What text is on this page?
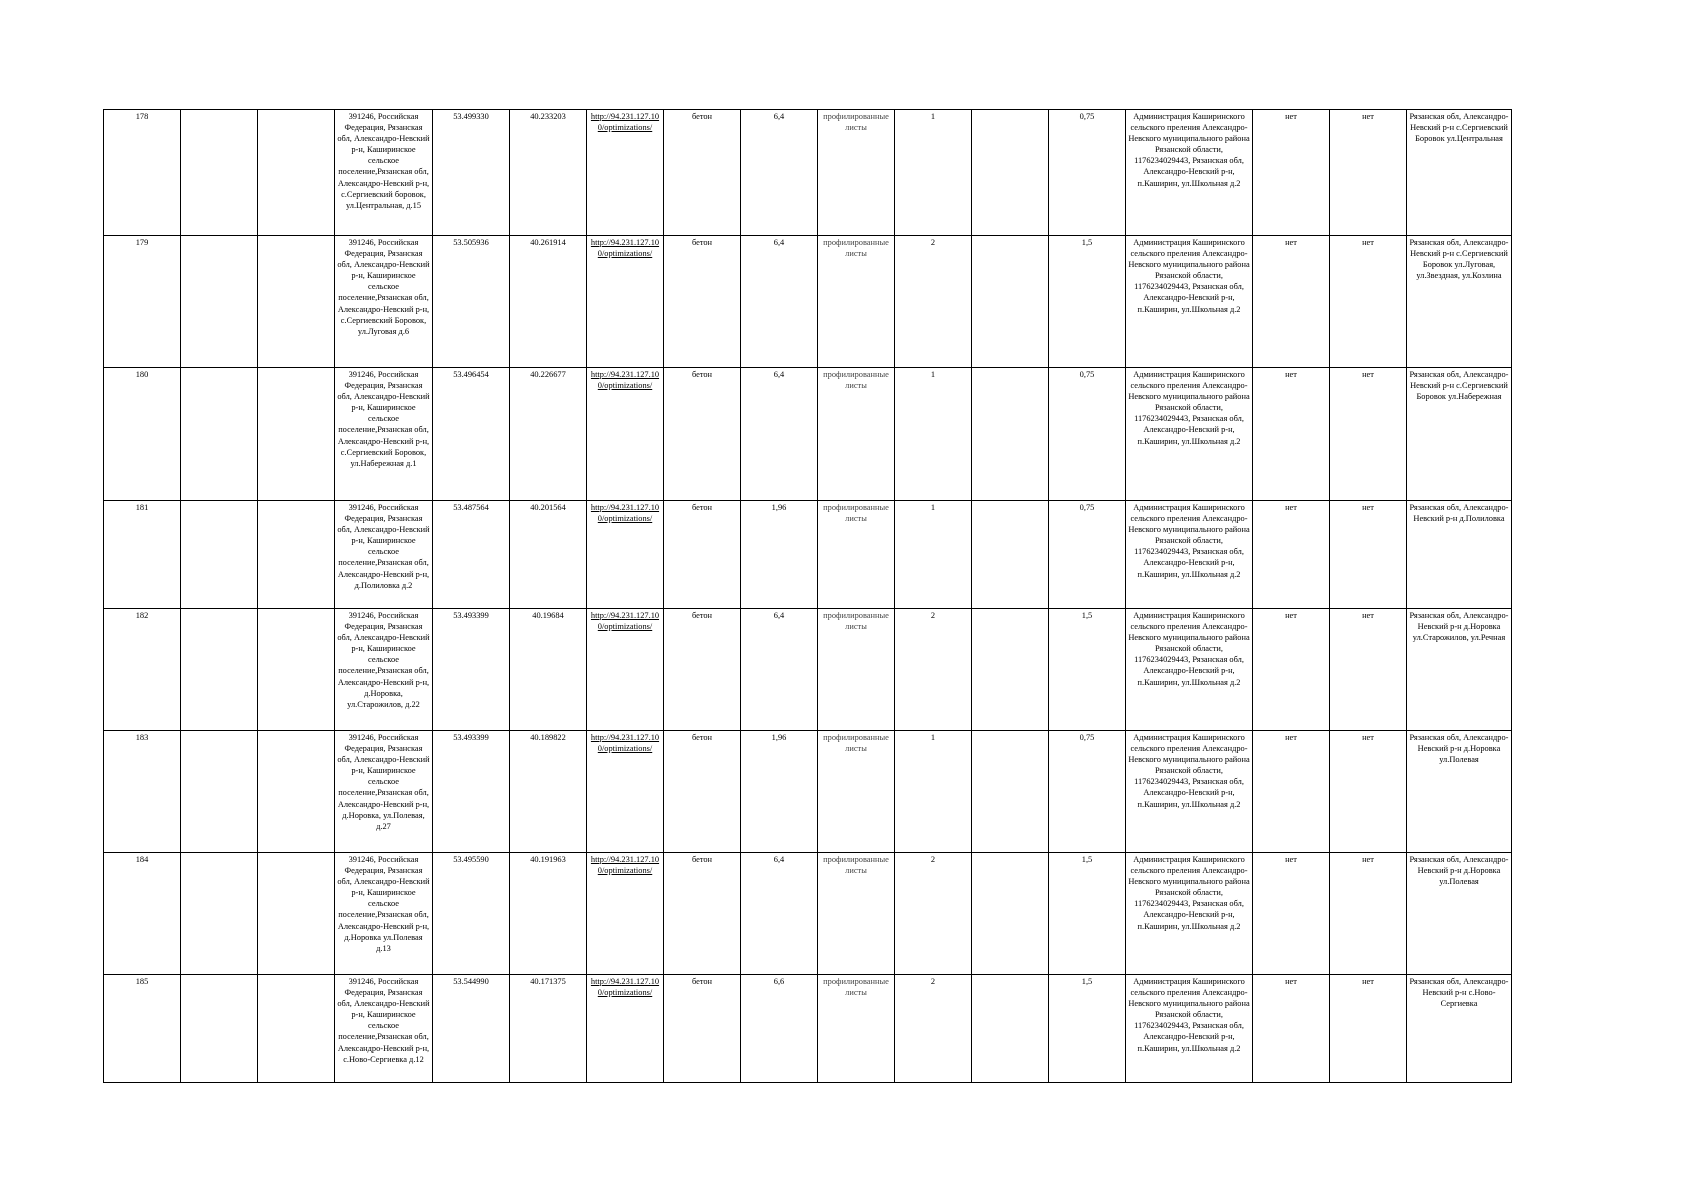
178			391246, Российская Федерация, Рязанская обл, Александро-Невский р-н, Каширинское сельское поселение,Рязанская обл, Александро-Невский р-н, с.Сергиевский боровок, ул.Центральная, д.15	53.499330	40.233203	http://94.231.127.100/optimizations/	бетон	6,4	профилированные листы	1		0,75	Администрация Каширинского сельского преления Александро-Невского муниципального района Рязанской области, 1176234029443, Рязанская обл, Александро-Невский р-н, п.Каширин, ул.Школьная д.2	нет	нет	Рязанская обл, Александро-Невский р-н с.Сергиевский Боровок ул.Центральная

179			391246, Российская Федерация, Рязанская обл, Александро-Невский р-н, Каширинское сельское поселение,Рязанская обл, Александро-Невский р-н, с.Сергиевский Боровок, ул.Луговая д.6	53.505936	40.261914	http://94.231.127.100/optimizations/	бетон	6,4	профилированные листы	2		1,5	Администрация Каширинского сельского преления Александро-Невского муниципального района Рязанской области, 1176234029443, Рязанская обл, Александро-Невский р-н, п.Каширин, ул.Школьная д.2	нет	нет	Рязанская обл, Александро-Невский р-н с.Сергиевский Боровок ул.Луговая, ул.Звездная, ул.Козлина

180			391246, Российская Федерация, Рязанская обл, Александро-Невский р-н, Каширинское сельское поселение,Рязанская обл, Александро-Невский р-н, с.Сергиевский Боровок, ул.Набережная д.1	53.496454	40.226677	http://94.231.127.100/optimizations/	бетон	6,4	профилированные листы	1		0,75	Администрация Каширинского сельского преления Александро-Невского муниципального района Рязанской области, 1176234029443, Рязанская обл, Александро-Невский р-н, п.Каширин, ул.Школьная д.2	нет	нет	Рязанская обл, Александро-Невский р-н с.Сергиевский Боровок ул.Набережная

181			391246, Российская Федерация, Рязанская обл, Александро-Невский р-н, Каширинское сельское поселение,Рязанская обл, Александро-Невский р-н, д.Полиловка д.2	53.487564	40.201564	http://94.231.127.100/optimizations/	бетон	1,96	профилированные листы	1		0,75	Администрация Каширинского сельского преления Александро-Невского муниципального района Рязанской области, 1176234029443, Рязанская обл, Александро-Невский р-н, п.Каширин, ул.Школьная д.2	нет	нет	Рязанская обл, Александро-Невский р-н д.Полиловка

182			391246, Российская Федерация, Рязанская обл, Александро-Невский р-н, Каширинское сельское поселение,Рязанская обл, Александро-Невский р-н, д.Норовка, ул.Старожилов, д.22	53.493399	40.19684	http://94.231.127.100/optimizations/	бетон	6,4	профилированные листы	2		1,5	Администрация Каширинского сельского преления Александро-Невского муниципального района Рязанской области, 1176234029443, Рязанская обл, Александро-Невский р-н, п.Каширин, ул.Школьная д.2	нет	нет	Рязанская обл, Александро-Невский р-н д.Норовка ул.Старожилов, ул.Речная

183			391246, Российская Федерация, Рязанская обл, Александро-Невский р-н, Каширинское сельское поселение,Рязанская обл, Александро-Невский р-н, д.Норовка, ул.Полевая, д.27	53.493399	40.189822	http://94.231.127.100/optimizations/	бетон	1,96	профилированные листы	1		0,75	Администрация Каширинского сельского преления Александро-Невского муниципального района Рязанской области, 1176234029443, Рязанская обл, Александро-Невский р-н, п.Каширин, ул.Школьная д.2	нет	нет	Рязанская обл, Александро-Невский р-н д.Норовка ул.Полевая

184			391246, Российская Федерация, Рязанская обл, Александро-Невский р-н, Каширинское сельское поселение,Рязанская обл, Александро-Невский р-н, д.Норовка ул.Полевая д.13	53.495590	40.191963	http://94.231.127.100/optimizations/	бетон	6,4	профилированные листы	2		1,5	Администрация Каширинского сельского преления Александро-Невского муниципального района Рязанской области, 1176234029443, Рязанская обл, Александро-Невский р-н, п.Каширин, ул.Школьная д.2	нет	нет	Рязанская обл, Александро-Невский р-н д.Норовка ул.Полевая

185			391246, Российская Федерация, Рязанская обл, Александро-Невский р-н, Каширинское сельское поселение,Рязанская обл, Александро-Невский р-н, с.Ново-Сергиевка д.12	53.544990	40.171375	http://94.231.127.100/optimizations/	бетон	6,6	профилированные листы	2		1,5	Администрация Каширинского сельского преления Александро-Невского муниципального района Рязанской области, 1176234029443, Рязанская обл, Александро-Невский р-н, п.Каширин, ул.Школьная д.2	нет	нет	Рязанская обл, Александро-Невский р-н с.Ново-Сергиевка
